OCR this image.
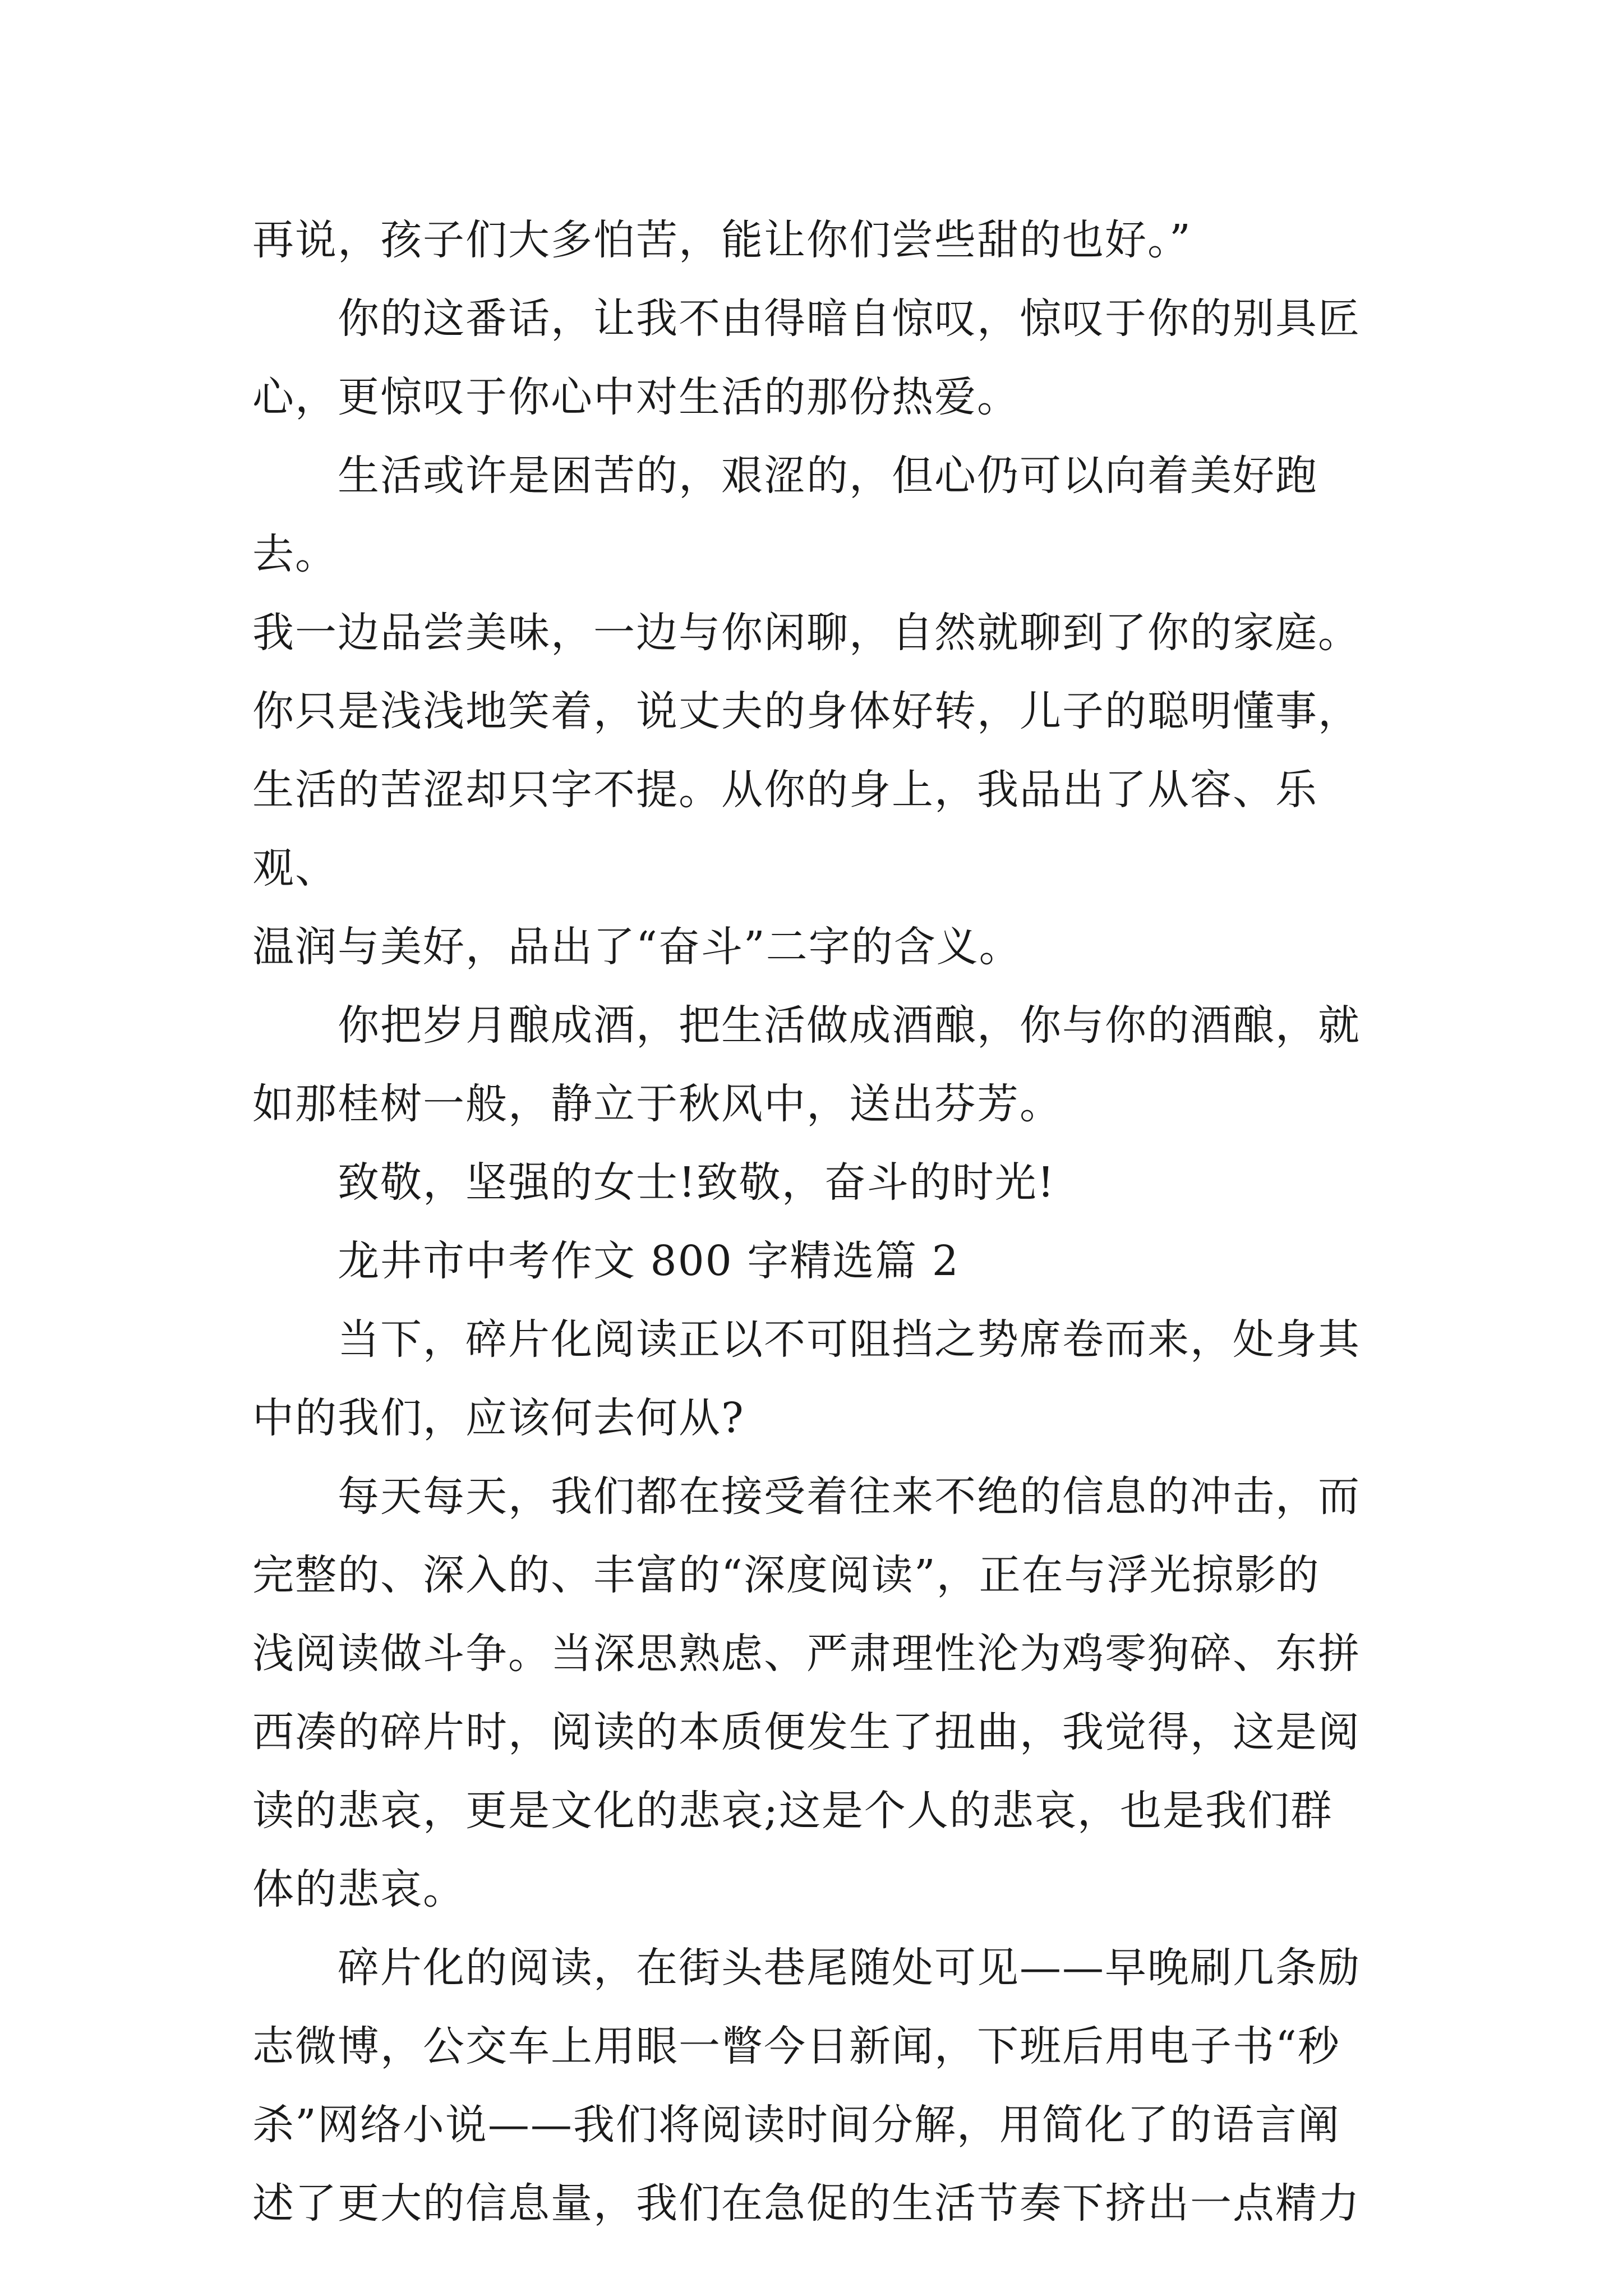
再说，孩子们大多怕苦，能让你们尝些甜的也好。”

　　你的这番话，让我不由得暗自惊叹，惊叹于你的别具匠
心，更惊叹于你心中对生活的那份热爱。

　　生活或许是困苦的，艰涩的，但心仍可以向着美好跑去。
我一边品尝美味，一边与你闲聊，自然就聊到了你的家庭。
你只是浅浅地笑着，说丈夫的身体好转，儿子的聪明懂事，
生活的苦涩却只字不提。从你的身上，我品出了从容、乐观、
温润与美好，品出了“奋斗”二字的含义。

　　你把岁月酿成酒，把生活做成酒酿，你与你的酒酿，就
如那桂树一般，静立于秋风中，送出芬芳。

　　致敬，坚强的女士!致敬，奋斗的时光!

　　龙井市中考作文 800 字精选篇 2

　　当下，碎片化阅读正以不可阻挡之势席卷而来，处身其
中的我们，应该何去何从?

　　每天每天，我们都在接受着往来不绝的信息的冲击，而
完整的、深入的、丰富的“深度阅读”，正在与浮光掠影的
浅阅读做斗争。当深思熟虑、严肃理性沦为鸡零狗碎、东拼
西凑的碎片时，阅读的本质便发生了扭曲，我觉得，这是阅
读的悲哀，更是文化的悲哀;这是个人的悲哀，也是我们群
体的悲哀。

　　碎片化的阅读，在街头巷尾随处可见——早晚刷几条励
志微博，公交车上用眼一瞥今日新闻，下班后用电子书“秒
杀”网络小说——我们将阅读时间分解，用简化了的语言阐
述了更大的信息量，我们在急促的生活节奏下挤出一点精力
